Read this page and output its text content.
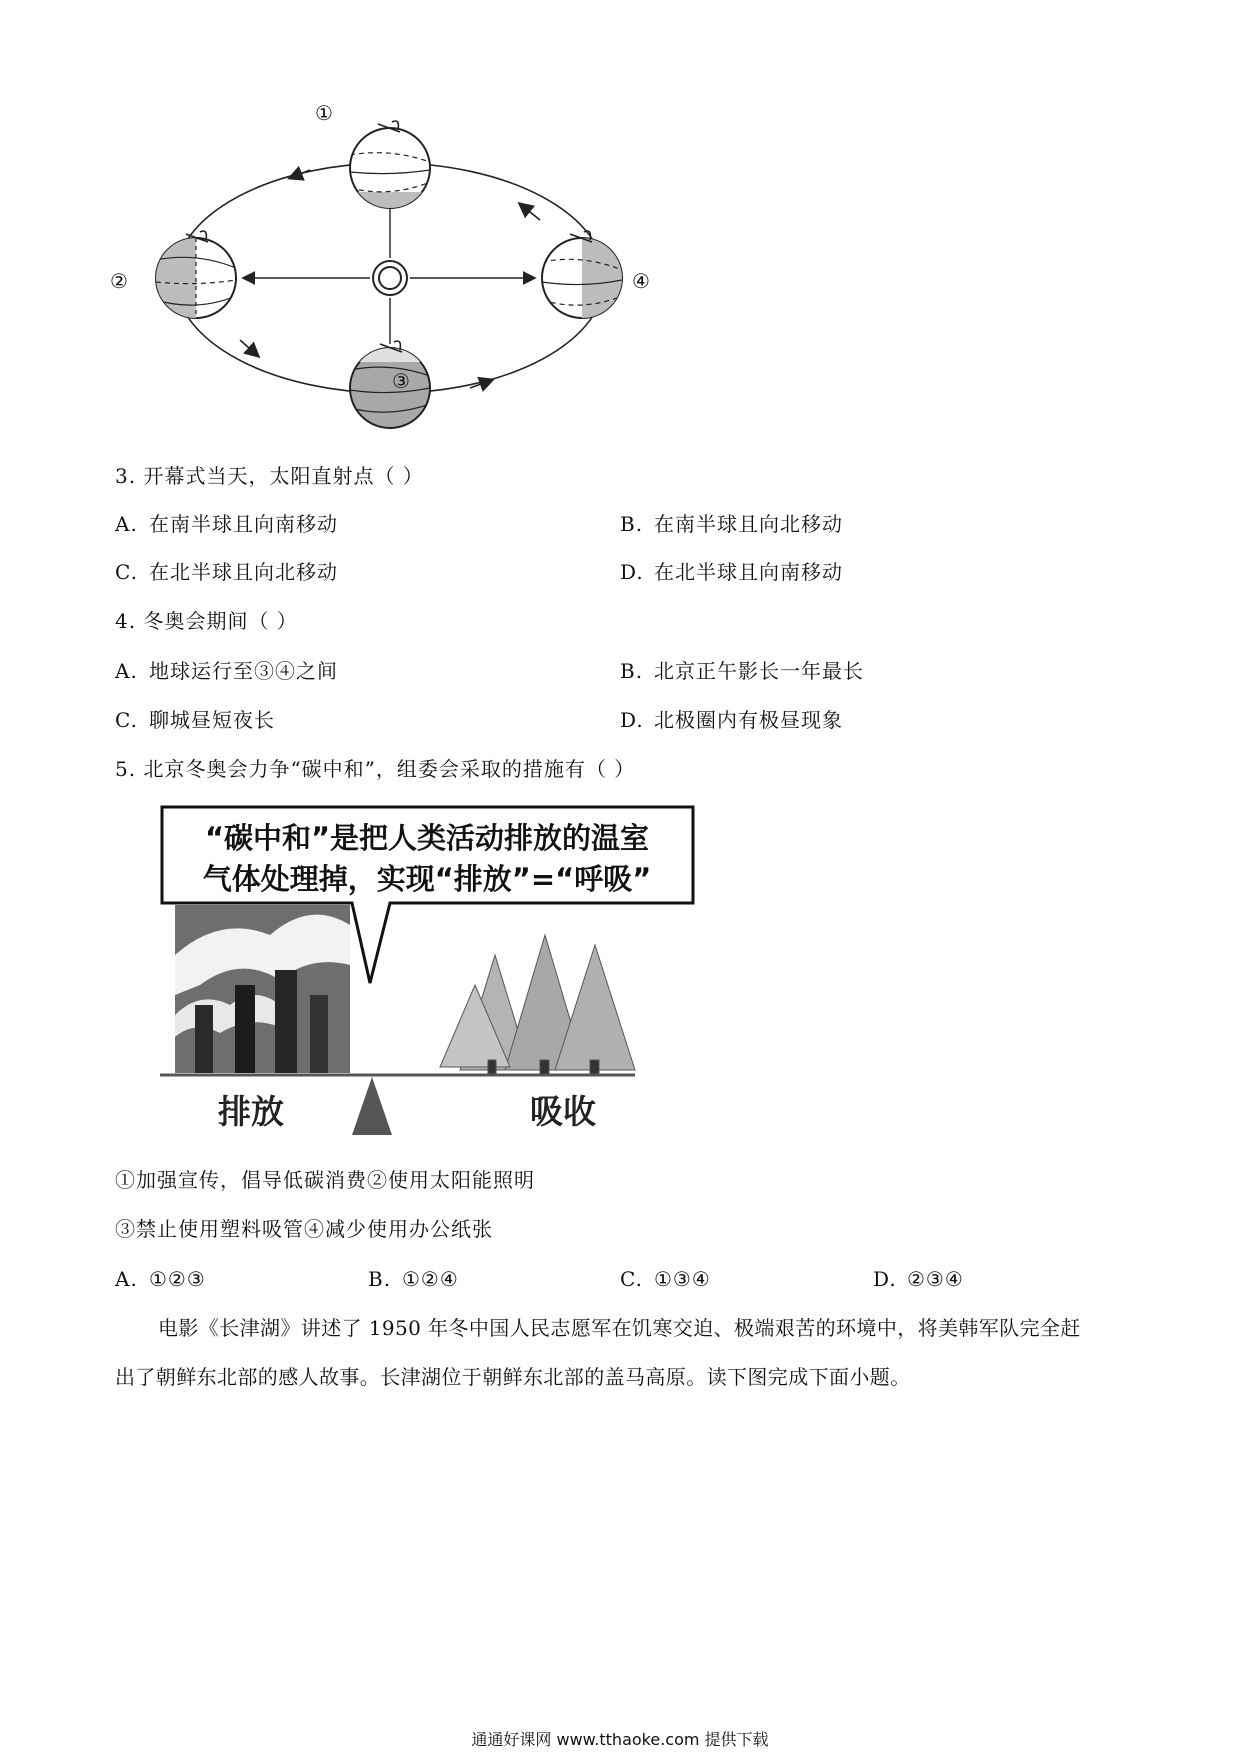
①
②
③
④
3. 开幕式当天，太阳直射点（ ）
A. 在南半球且向南移动	B. 在南半球且向北移动
C. 在北半球且向北移动	D. 在北半球且向南移动
4. 冬奥会期间（ ）
A. 地球运行至③④之间	B. 北京正午影长一年最长
C. 聊城昼短夜长	D. 北极圈内有极昼现象
5. 北京冬奥会力争“碳中和”，组委会采取的措施有（ ）
“碳中和”是把人类活动排放的温室
气体处理掉，实现“排放”=“呼吸”
排放	吸收
①加强宣传，倡导低碳消费②使用太阳能照明
③禁止使用塑料吸管④减少使用办公纸张
A. ①②③	B. ①②④	C. ①③④	D. ②③④
电影《长津湖》讲述了 1950 年冬中国人民志愿军在饥寒交迫、极端艰苦的环境中，将美韩军队完全赶
出了朝鲜东北部的感人故事。长津湖位于朝鲜东北部的盖马高原。读下图完成下面小题。
通通好课网 www.tthaoke.com 提供下载
